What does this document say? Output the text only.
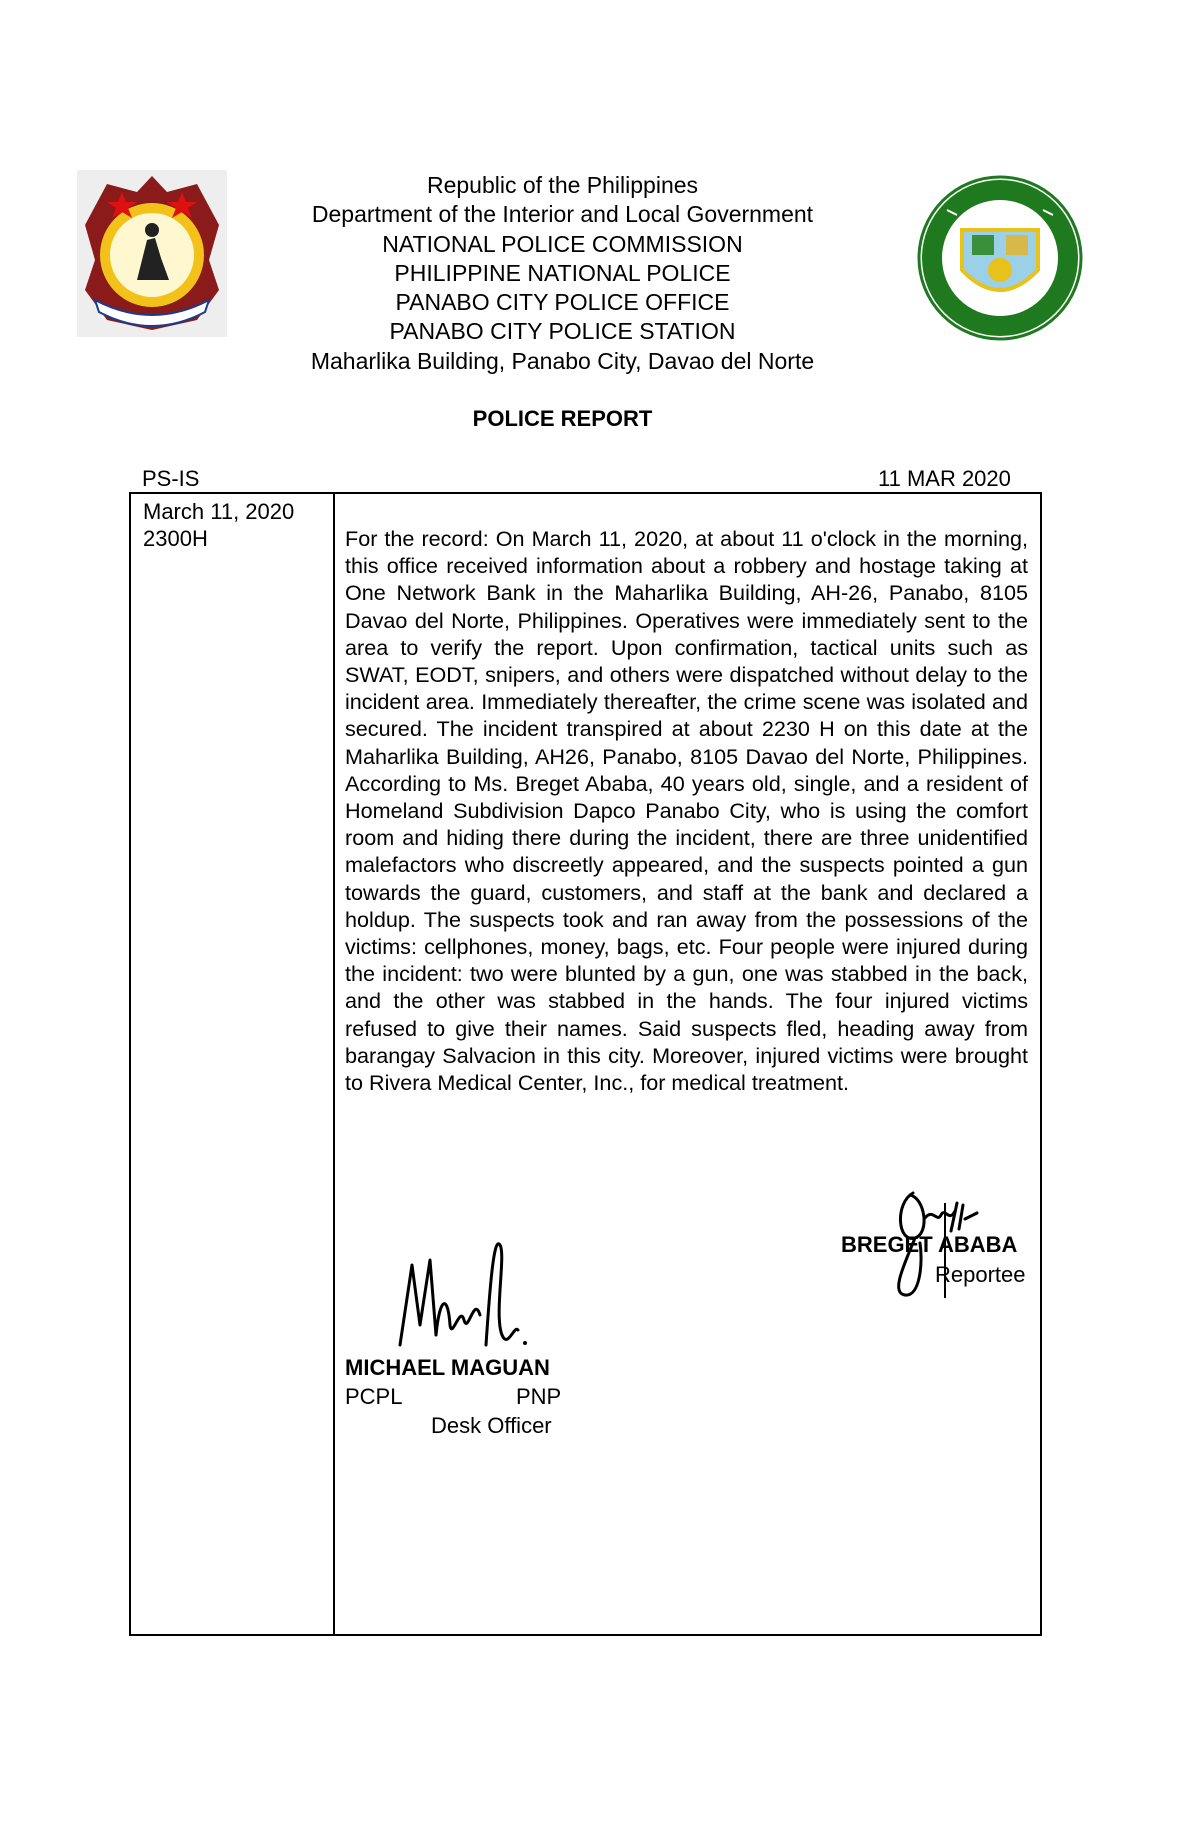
Republic of the Philippines
Department of the Interior and Local Government
NATIONAL POLICE COMMISSION
PHILIPPINE NATIONAL POLICE
PANABO CITY POLICE OFFICE
PANABO CITY POLICE STATION
Maharlika Building, Panabo City, Davao del Norte
POLICE REPORT
PS-IS	11 MAR 2020
March 11, 2020
2300H
		For the record: On March 11, 2020, at about 11 o'clock in the morning, this office received information about a robbery and hostage taking at One Network Bank in the Maharlika Building, AH-26, Panabo, 8105 Davao del Norte, Philippines. Operatives were immediately sent to the area to verify the report. Upon confirmation, tactical units such as SWAT, EODT, snipers, and others were dispatched without delay to the incident area. Immediately thereafter, the crime scene was isolated and secured. The incident transpired at about 2230 H on this date at the Maharlika Building, AH26, Panabo, 8105 Davao del Norte, Philippines. According to Ms. Breget Ababa, 40 years old, single, and a resident of Homeland Subdivision Dapco Panabo City, who is using the comfort room and hiding there during the incident, there are three unidentified malefactors who discreetly appeared, and the suspects pointed a gun towards the guard, customers, and staff at the bank and declared a holdup. The suspects took and ran away from the possessions of the victims: cellphones, money, bags, etc. Four people were injured during the incident: two were blunted by a gun, one was stabbed in the back, and the other was stabbed in the hands. The four injured victims refused to give their names. Said suspects fled, heading away from barangay Salvacion in this city. Moreover, injured victims were brought to Rivera Medical Center, Inc., for medical treatment.
BREGET ABABA
Reportee
MICHAEL MAGUAN
PCPL	PNP
Desk Officer
